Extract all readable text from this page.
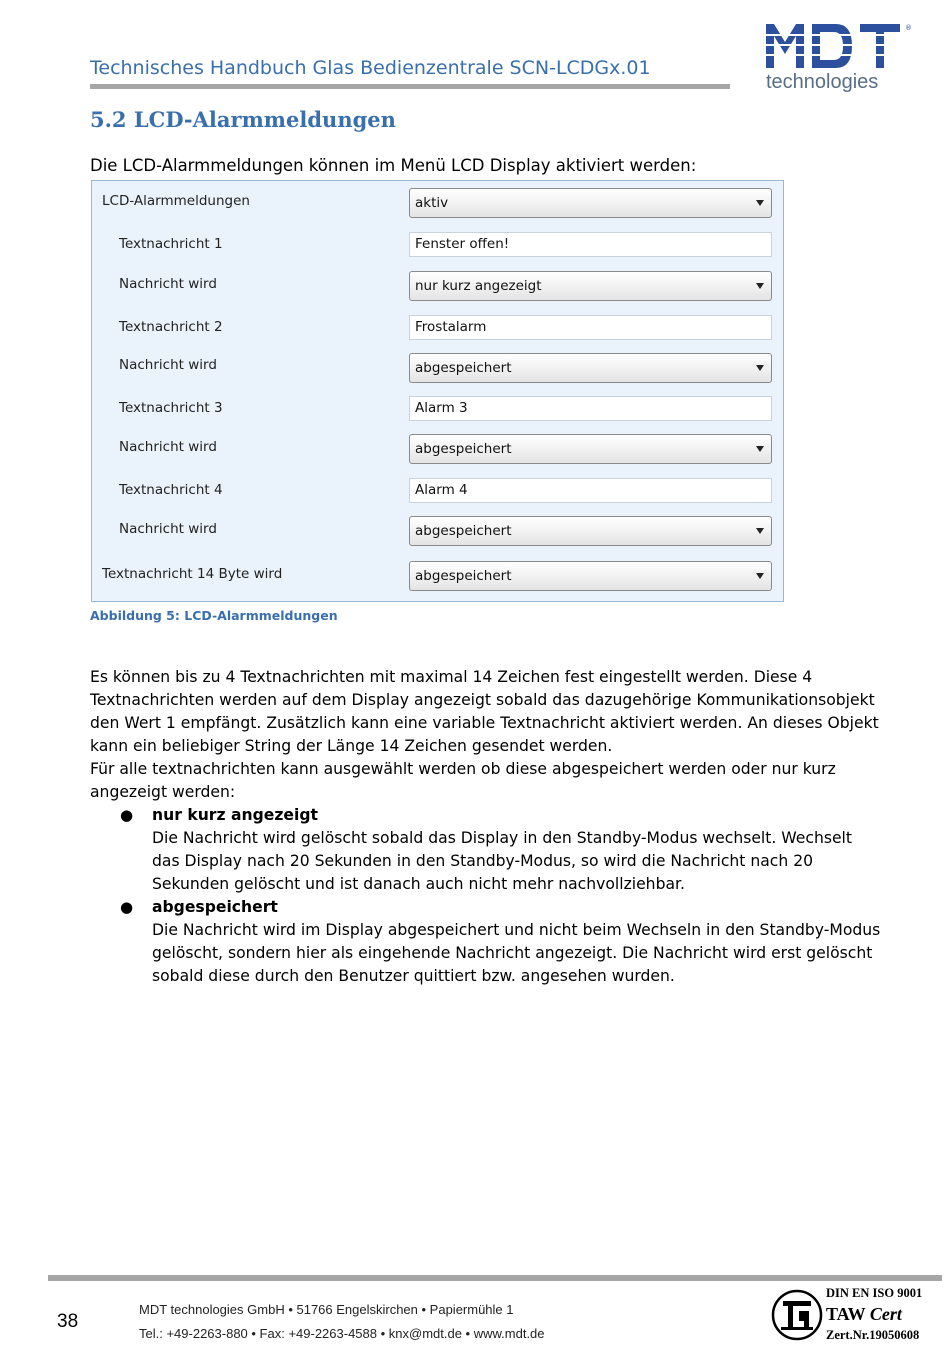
Technisches Handbuch Glas Bedienzentrale SCN-LCDGx.01
®
technologies
5.2 LCD-Alarmmeldungen
Die LCD-Alarmmeldungen können im Menü LCD Display aktiviert werden:
LCD-Alarmmeldungen	aktiv
Textnachricht 1	Fenster offen!
Nachricht wird	nur kurz angezeigt
Textnachricht 2	Frostalarm
Nachricht wird	abgespeichert
Textnachricht 3	Alarm 3
Nachricht wird	abgespeichert
Textnachricht 4	Alarm 4
Nachricht wird	abgespeichert
Textnachricht 14 Byte wird	abgespeichert
Abbildung 5: LCD-Alarmmeldungen
Es können bis zu 4 Textnachrichten mit maximal 14 Zeichen fest eingestellt werden. Diese 4
Textnachrichten werden auf dem Display angezeigt sobald das dazugehörige Kommunikationsobjekt
den Wert 1 empfängt. Zusätzlich kann eine variable Textnachricht aktiviert werden. An dieses Objekt
kann ein beliebiger String der Länge 14 Zeichen gesendet werden.
Für alle textnachrichten kann ausgewählt werden ob diese abgespeichert werden oder nur kurz
angezeigt werden:
● nur kurz angezeigt
Die Nachricht wird gelöscht sobald das Display in den Standby-Modus wechselt. Wechselt
das Display nach 20 Sekunden in den Standby-Modus, so wird die Nachricht nach 20
Sekunden gelöscht und ist danach auch nicht mehr nachvollziehbar.
● abgespeichert
Die Nachricht wird im Display abgespeichert und nicht beim Wechseln in den Standby-Modus
gelöscht, sondern hier als eingehende Nachricht angezeigt. Die Nachricht wird erst gelöscht
sobald diese durch den Benutzer quittiert bzw. angesehen wurden.
38
MDT technologies GmbH • 51766 Engelskirchen • Papiermühle 1
Tel.: +49-2263-880 • Fax: +49-2263-4588 • knx@mdt.de • www.mdt.de
DIN EN ISO 9001
TAW Cert
Zert.Nr.19050608
